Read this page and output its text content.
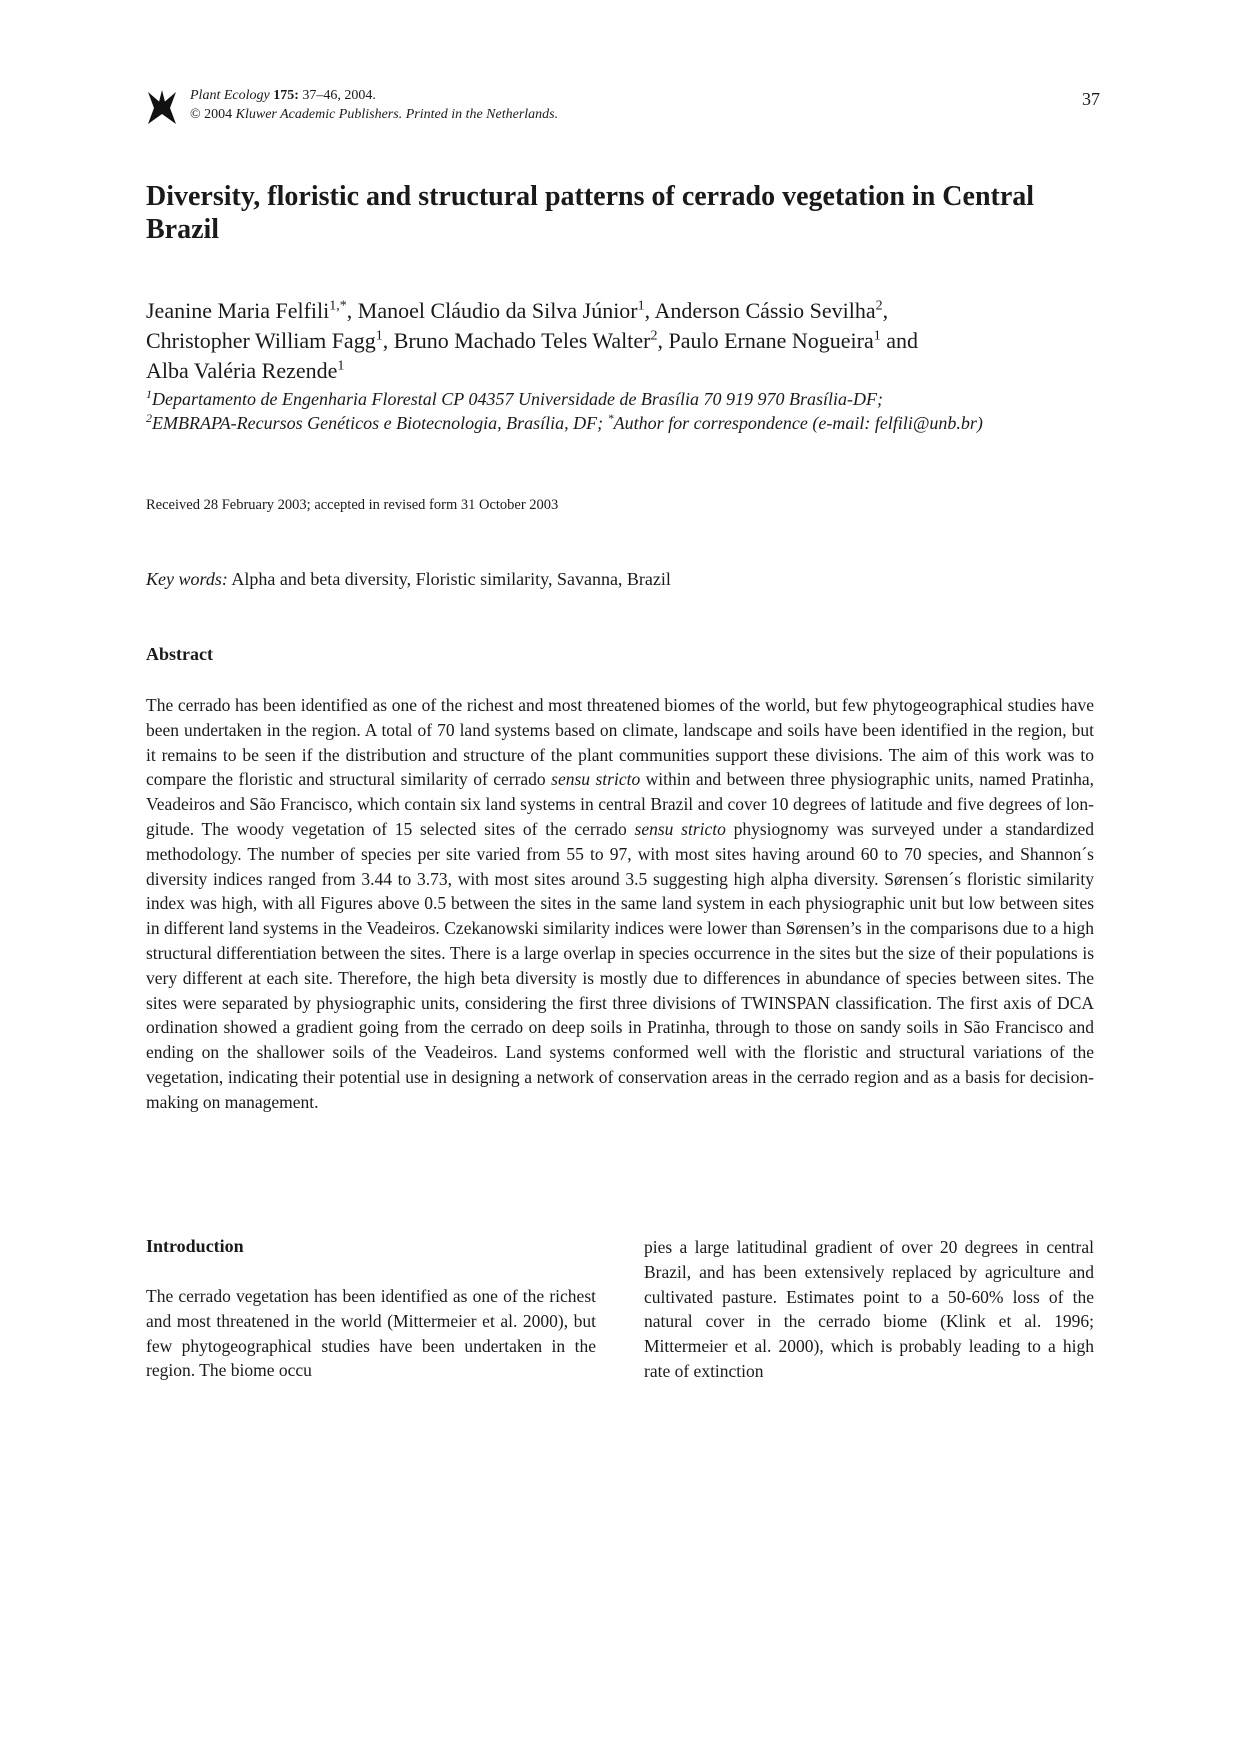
Plant Ecology 175: 37–46, 2004.
© 2004 Kluwer Academic Publishers. Printed in the Netherlands.
37
Diversity, floristic and structural patterns of cerrado vegetation in Central Brazil
Jeanine Maria Felfili$^{1,*}$, Manoel Cláudio da Silva Júnior$^1$, Anderson Cássio Sevilha$^2$,
Christopher William Fagg$^1$, Bruno Machado Teles Walter$^2$, Paulo Ernane Nogueira$^1$ and
Alba Valéria Rezende$^1$
$^1$Departamento de Engenharia Florestal CP 04357 Universidade de Brasília 70 919 970 Brasília-DF;
$^2$EMBRAPA-Recursos Genéticos e Biotecnologia, Brasília, DF; *Author for correspondence (e-mail: felfili@unb.br)
Received 28 February 2003; accepted in revised form 31 October 2003
Key words: Alpha and beta diversity, Floristic similarity, Savanna, Brazil
Abstract

The cerrado has been identified as one of the richest and most threatened biomes of the world, but few phytogeographical studies have been undertaken in the region. A total of 70 land systems based on climate, landscape and soils have been identified in the region, but it remains to be seen if the distribution and structure of the plant communities support these divisions. The aim of this work was to compare the floristic and structural similarity of cerrado sensu stricto within and between three physiographic units, named Pratinha, Veadeiros and São Francisco, which contain six land systems in central Brazil and cover 10 degrees of latitude and five degrees of longitude. The woody vegetation of 15 selected sites of the cerrado sensu stricto physiognomy was surveyed under a standardized methodology. The number of species per site varied from 55 to 97, with most sites having around 60 to 70 species, and Shannon´s diversity indices ranged from 3.44 to 3.73, with most sites around 3.5 suggesting high alpha diversity. Sørensen´s floristic similarity index was high, with all Figures above 0.5 between the sites in the same land system in each physiographic unit but low between sites in different land systems in the Veadeiros. Czekanowski similarity indices were lower than Sørensen’s in the comparisons due to a high structural differentiation between the sites. There is a large overlap in species occurrence in the sites but the size of their populations is very different at each site. Therefore, the high beta diversity is mostly due to differences in abundance of species between sites. The sites were separated by physiographic units, considering the first three divisions of TWINSPAN classification. The first axis of DCA ordination showed a gradient going from the cerrado on deep soils in Pratinha, through to those on sandy soils in São Francisco and ending on the shallower soils of the Veadeiros. Land systems conformed well with the floristic and structural variations of the vegetation, indicating their potential use in designing a network of conservation areas in the cerrado region and as a basis for decision-making on management.

Introduction

The cerrado vegetation has been identified as one of the richest and most threatened in the world (Mittermeier et al. 2000), but few phytogeographical studies have been undertaken in the region. The biome occu

pies a large latitudinal gradient of over 20 degrees in central Brazil, and has been extensively replaced by agriculture and cultivated pasture. Estimates point to a 50-60% loss of the natural cover in the cerrado biome (Klink et al. 1996; Mittermeier et al. 2000), which is probably leading to a high rate of extinction
